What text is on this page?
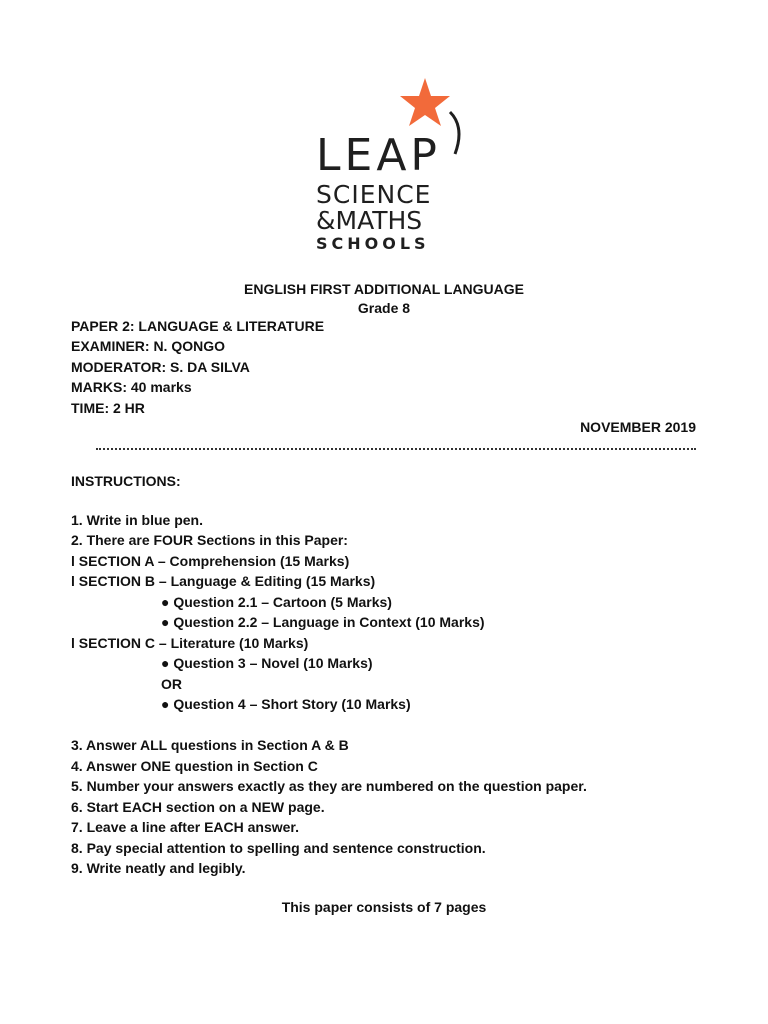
LEAP
SCIENCE
&MATHS
SCHOOLS
ENGLISH FIRST ADDITIONAL LANGUAGE
Grade 8
PAPER 2: LANGUAGE & LITERATURE
EXAMINER: N. QONGO
MODERATOR: S. DA SILVA
MARKS: 40 marks
TIME: 2 HR
NOVEMBER 2019
INSTRUCTIONS:
1. Write in blue pen.
2. There are FOUR Sections in this Paper:
l SECTION A – Comprehension (15 Marks)
l SECTION B – Language & Editing (15 Marks)
● Question 2.1 – Cartoon (5 Marks)
● Question 2.2 – Language in Context (10 Marks)
l SECTION C – Literature (10 Marks)
● Question 3 – Novel (10 Marks)
OR
● Question 4 – Short Story (10 Marks)
3. Answer ALL questions in Section A & B
4. Answer ONE question in Section C
5. Number your answers exactly as they are numbered on the question paper.
6. Start EACH section on a NEW page.
7. Leave a line after EACH answer.
8. Pay special attention to spelling and sentence construction.
9. Write neatly and legibly.
This paper consists of 7 pages
